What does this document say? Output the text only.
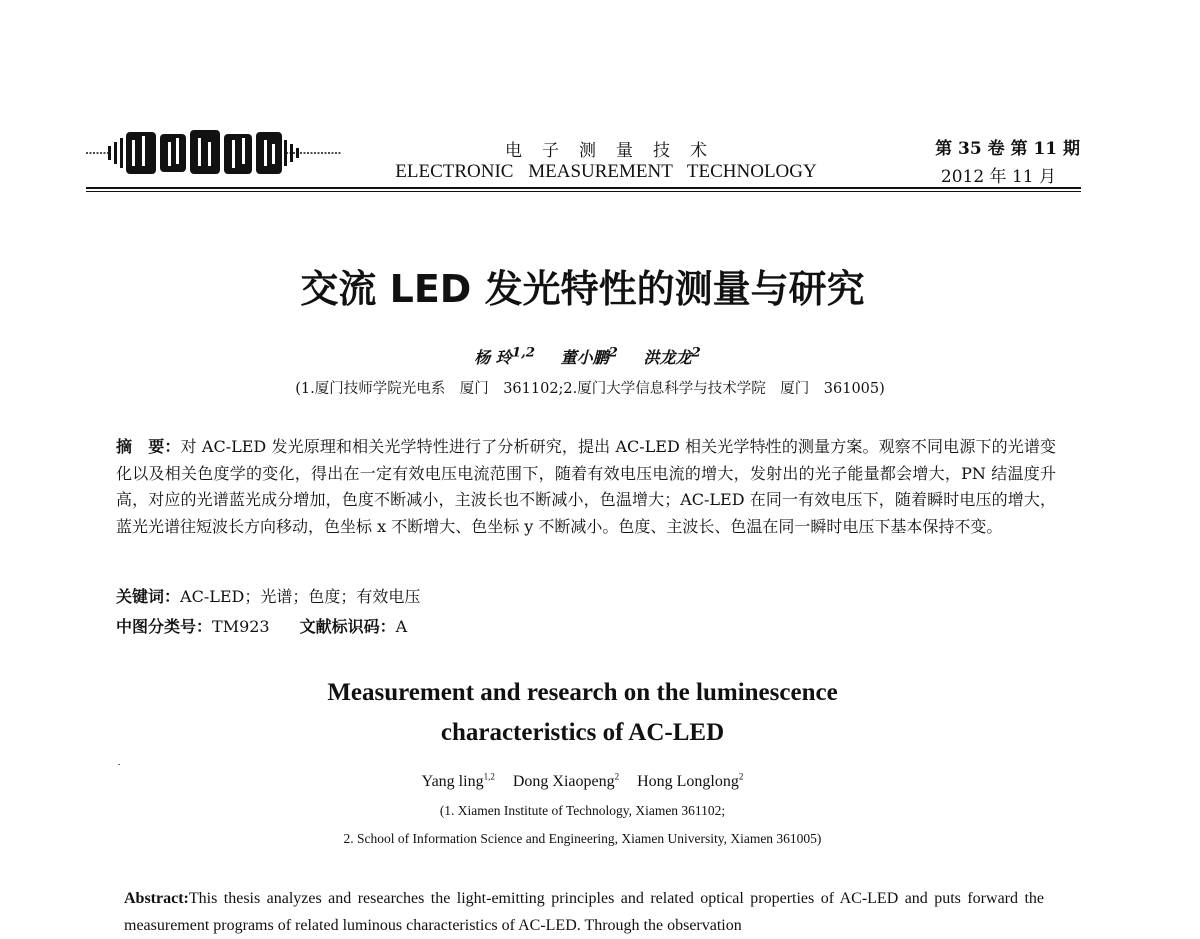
电 子 测 量 技 术
ELECTRONIC MEASUREMENT TECHNOLOGY
第 35 卷 第 11 期
2012 年 11 月
交流 LED 发光特性的测量与研究
杨 玲$^{1,2}$ 董小鹏$^2$ 洪龙龙$^2$
(1.厦门技师学院光电系　厦门　361102;2.厦门大学信息科学与技术学院　厦门　361005)
摘　要：对 AC-LED 发光原理和相关光学特性进行了分析研究，提出 AC-LED 相关光学特性的测量方案。观察不同电源下的光谱变化以及相关色度学的变化，得出在一定有效电压电流范围下，随着有效电压电流的增大，发射出的光子能量都会增大，PN 结温度升高，对应的光谱蓝光成分增加，色度不断减小，主波长也不断减小，色温增大；AC-LED 在同一有效电压下，随着瞬时电压的增大，蓝光光谱往短波长方向移动，色坐标 x 不断增大、色坐标 y 不断减小。色度、主波长、色温在同一瞬时电压下基本保持不变。
关键词：AC-LED；光谱；色度；有效电压
中图分类号：TM923 文献标识码：A
Measurement and research on the luminescence
characteristics of AC-LED
Yang ling$^{1,2}$ Dong Xiaopeng$^2$ Hong Longlong$^2$
(1. Xiamen Institute of Technology, Xiamen 361102;
2. School of Information Science and Engineering, Xiamen University, Xiamen 361005)
Abstract:This thesis analyzes and researches the light-emitting principles and related optical properties of AC-LED and puts forward the measurement programs of related luminous characteristics of AC-LED. Through the observation
